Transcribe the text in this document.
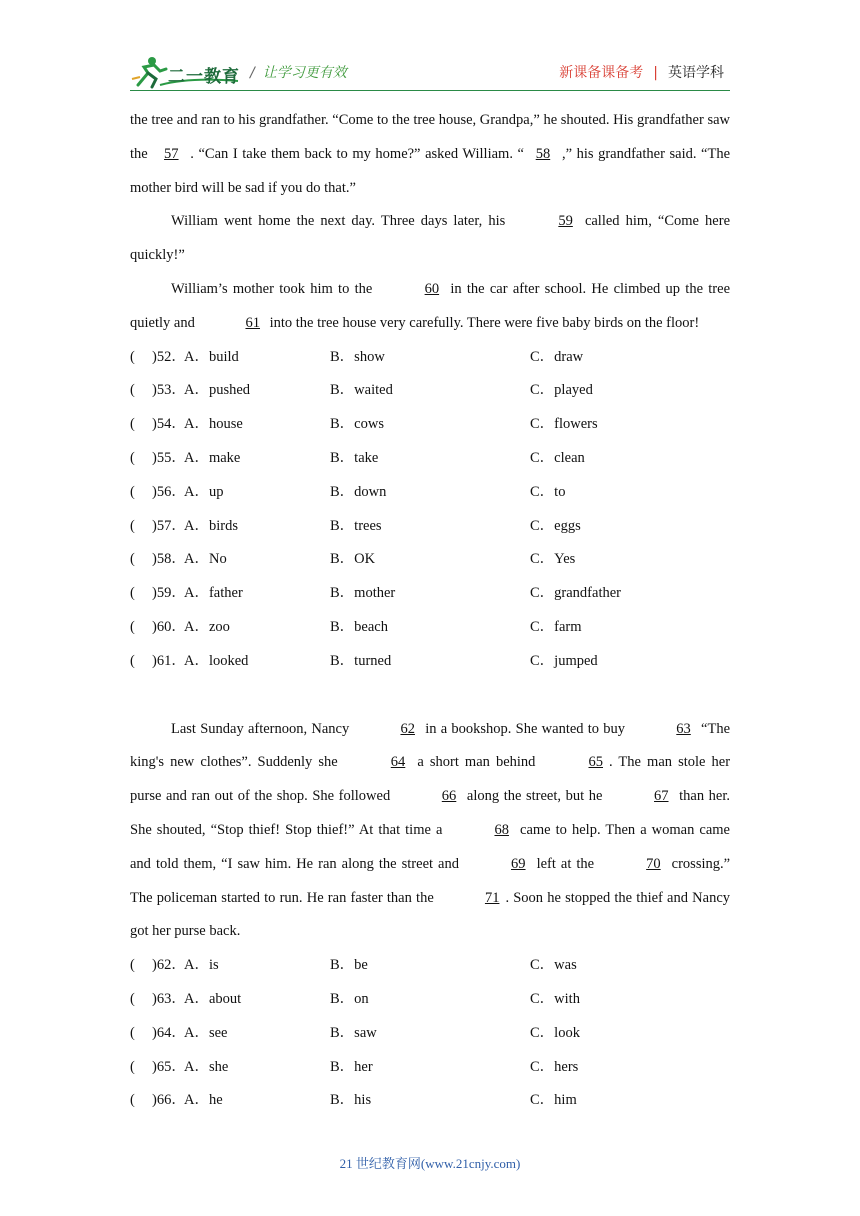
二一教育 / 让学习更有效	新课备课备考 | 英语学科

the tree and ran to his grandfather. “Come to the tree house, Grandpa,” he shouted. His grandfather saw the 57 . “Can I take them back to my home?” asked William. “ 58 ,” his grandfather said. “The mother bird will be sad if you do that.”

William went home the next day. Three days later, his	59 called him, “Come here quickly!”

William’s mother took him to the	60 in the car after school. He climbed up the tree quietly and	61 into the tree house very carefully. There were five baby birds on the floor!

( )52．
A．build	B．show	C．draw
( )53．
A．pushed	B．waited	C．played
( )54．
A．house	B．cows	C．flowers
( )55．
A．make	B．take	C．clean
( )56．
A．up	B．down	C．to
( )57．
A．birds	B．trees	C．eggs
( )58．
A．No	B．OK	C．Yes
( )59．
A．father	B．mother	C．grandfather
( )60．
A．zoo	B．beach	C．farm
( )61．
A．looked	B．turned	C．jumped

Last Sunday afternoon, Nancy	62 in a bookshop. She wanted to buy	63 “The king's new clothes”. Suddenly she	64 a short man behind	65 . The man stole her purse and ran out of the shop. She followed	66 along the street, but he	67 than her. She shouted, “Stop thief! Stop thief!” At that time a	68 came to help. Then a woman came and told them, “I saw him. He ran along the street and	69 left at the	70 crossing.” The policeman started to run. He ran faster than the	71 . Soon he stopped the thief and Nancy got her purse back.

( )62．
A．is	B．be	C．was
( )63．
A．about	B．on	C．with
( )64．
A．see	B．saw	C．look
( )65．
A．she	B．her	C．hers
( )66．
A．he	B．his	C．him
21 世纪教育网(www.21cnjy.com)
